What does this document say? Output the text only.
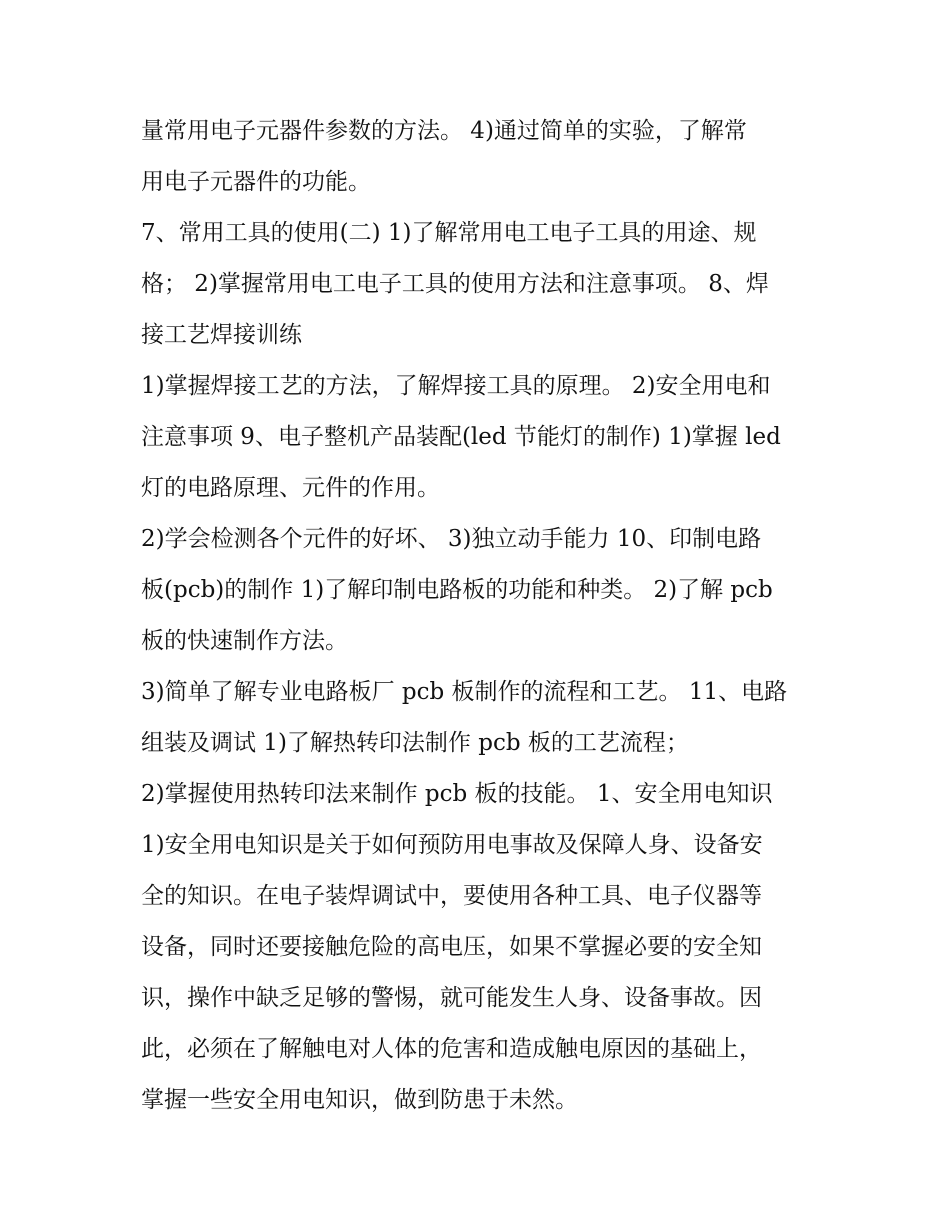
量常用电子元器件参数的方法。 4)通过简单的实验，了解常
用电子元器件的功能。
7、常用工具的使用(二) 1)了解常用电工电子工具的用途、规
格； 2)掌握常用电工电子工具的使用方法和注意事项。 8、焊
接工艺焊接训练
1)掌握焊接工艺的方法，了解焊接工具的原理。 2)安全用电和
注意事项 9、电子整机产品装配(led 节能灯的制作) 1)掌握 led
灯的电路原理、元件的作用。
2)学会检测各个元件的好坏、 3)独立动手能力 10、印制电路
板(pcb)的制作 1)了解印制电路板的功能和种类。 2)了解 pcb
板的快速制作方法。
3)简单了解专业电路板厂 pcb 板制作的流程和工艺。 11、电路
组装及调试 1)了解热转印法制作 pcb 板的工艺流程；
2)掌握使用热转印法来制作 pcb 板的技能。 1、安全用电知识
1)安全用电知识是关于如何预防用电事故及保障人身、设备安
全的知识。在电子装焊调试中，要使用各种工具、电子仪器等
设备，同时还要接触危险的高电压，如果不掌握必要的安全知
识，操作中缺乏足够的警惕，就可能发生人身、设备事故。因
此，必须在了解触电对人体的危害和造成触电原因的基础上，
掌握一些安全用电知识，做到防患于未然。
